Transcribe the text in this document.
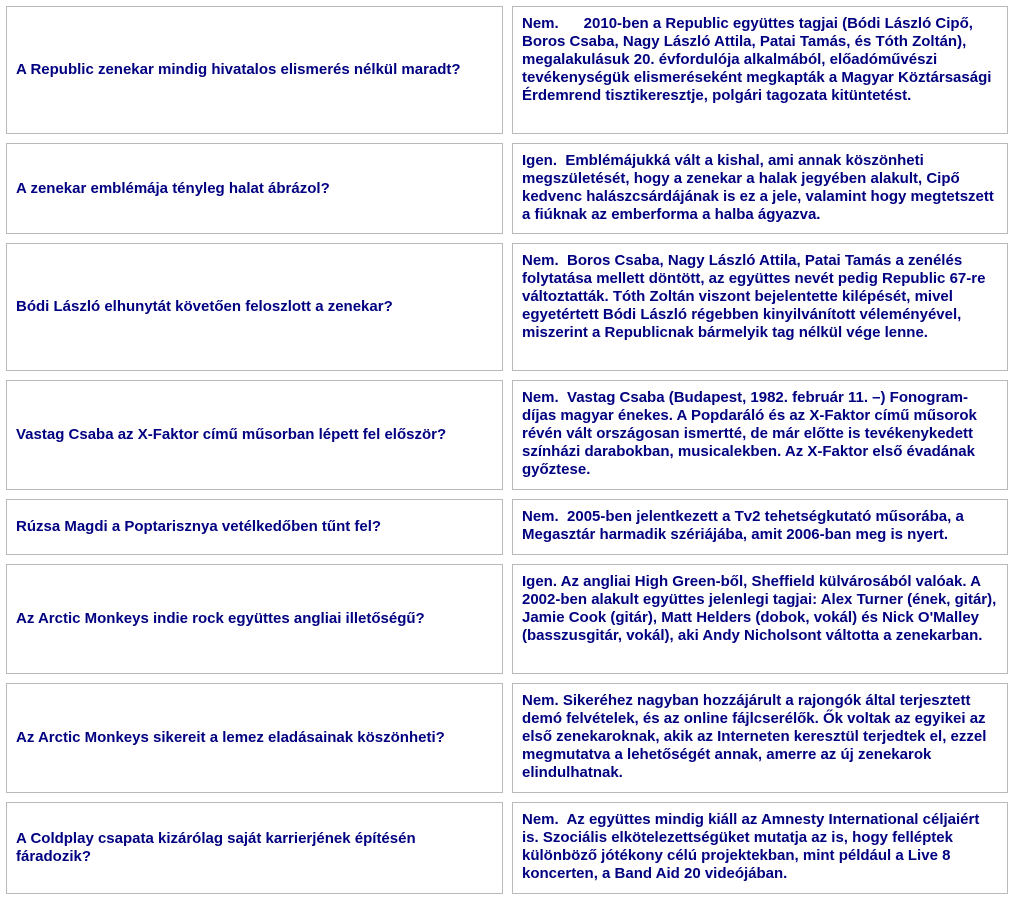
A Republic zenekar mindig hivatalos elismerés nélkül maradt?
Nem.      2010-ben a Republic együttes tagjai (Bódi László Cipő, Boros Csaba, Nagy László Attila, Patai Tamás, és Tóth Zoltán), megalakulásuk 20. évfordulója alkalmából, előadóművészi tevékenységük elismeréseként megkapták a Magyar Köztársasági Érdemrend tisztikeresztje, polgári tagozata kitüntetést.
A zenekar emblémája tényleg halat ábrázol?
Igen.  Emblémájukká vált a kishal, ami annak köszönheti megszületését, hogy a zenekar a halak jegyében alakult, Cipő kedvenc halászcsárdájának is ez a jele, valamint hogy megtetszett a fiúknak az emberforma a halba ágyazva.
Bódi László elhunytát követően feloszlott a zenekar?
Nem.  Boros Csaba, Nagy László Attila, Patai Tamás a zenélés folytatása mellett döntött, az együttes nevét pedig Republic 67-re változtatták. Tóth Zoltán viszont bejelentette kilépését, mivel egyetértett Bódi László régebben kinyilvánított véleményével, miszerint a Republicnak bármelyik tag nélkül vége lenne.
Vastag Csaba az X-Faktor című műsorban lépett fel először?
Nem.  Vastag Csaba (Budapest, 1982. február 11. –) Fonogram-díjas magyar énekes. A Popdaráló és az X-Faktor című műsorok révén vált országosan ismertté, de már előtte is tevékenykedett színházi darabokban, musicalekben. Az X-Faktor első évadának győztese.
Rúzsa Magdi a Poptarisznya vetélkedőben tűnt fel?
Nem.  2005-ben jelentkezett a Tv2 tehetségkutató műsorába, a Megasztár harmadik szériájába, amit 2006-ban meg is nyert.
Az Arctic Monkeys indie rock együttes angliai illetőségű?
Igen. Az angliai High Green-ből, Sheffield külvárosából valóak. A 2002-ben alakult együttes jelenlegi tagjai: Alex Turner (ének, gitár), Jamie Cook (gitár), Matt Helders (dobok, vokál) és Nick O'Malley (basszusgitár, vokál), aki Andy Nicholsont váltotta a zenekarban.
Az Arctic Monkeys sikereit a lemez eladásainak köszönheti?
Nem. Sikeréhez nagyban hozzájárult a rajongók által terjesztett demó felvételek, és az online fájlcserélők. Ők voltak az egyikei az első zenekaroknak, akik az Interneten keresztül terjedtek el, ezzel megmutatva a lehetőségét annak, amerre az új zenekarok elindulhatnak.
A Coldplay csapata kizárólag saját karrierjének építésén fáradozik?
Nem.  Az együttes mindig kiáll az Amnesty International céljaiért is. Szociális elkötelezettségüket mutatja az is, hogy felléptek különböző jótékony célú projektekban, mint például a Live 8 koncerten, a Band Aid 20 videójában.
